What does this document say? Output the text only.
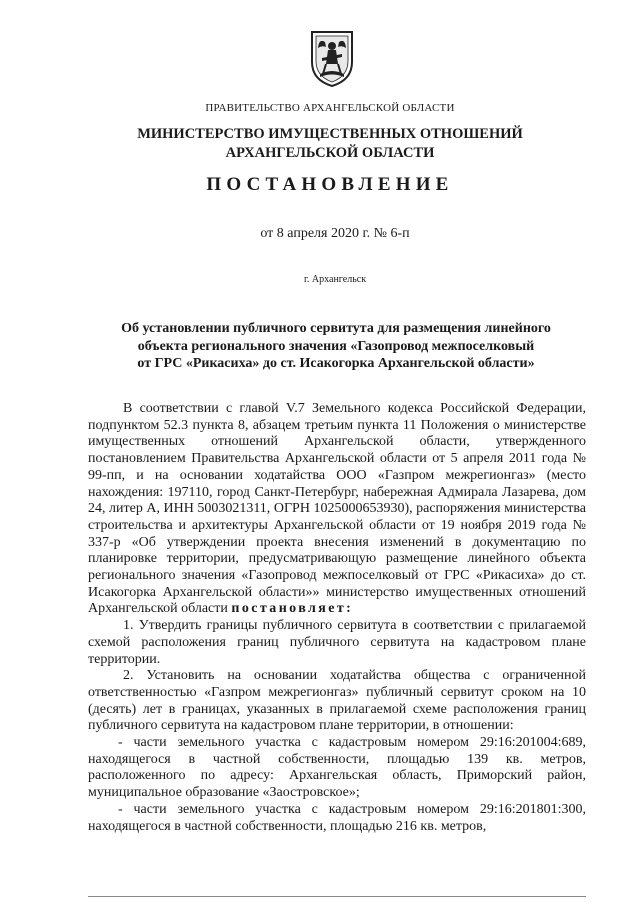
ПРАВИТЕЛЬСТВО АРХАНГЕЛЬСКОЙ ОБЛАСТИ
МИНИСТЕРСТВО ИМУЩЕСТВЕННЫХ ОТНОШЕНИЙ
АРХАНГЕЛЬСКОЙ ОБЛАСТИ
ПОСТАНОВЛЕНИЕ
от 8 апреля 2020 г. № 6-п
г. Архангельск
Об установлении публичного сервитута для размещения линейного
объекта регионального значения «Газопровод межпоселковый
от ГРС «Рикасиха» до ст. Исакогорка Архангельской области»

В соответствии с главой V.7 Земельного кодекса Российской Федерации, подпунктом 52.3 пункта 8, абзацем третьим пункта 11 Положения о министерстве имущественных отношений Архангельской области, утвержденного постановлением Правительства Архангельской области от 5 апреля 2011 года № 99-пп, и на основании ходатайства ООО «Газпром межрегионгаз» (место нахождения: 197110, город Санкт-Петербург, набережная Адмирала Лазарева, дом 24, литер А, ИНН 5003021311, ОГРН 1025000653930), распоряжения министерства строительства и архитектуры Архангельской области от 19 ноября 2019 года № 337-р «Об утверждении проекта внесения изменений в документацию по планировке территории, предусматривающую размещение линейного объекта регионального значения «Газопровод межпоселковый от ГРС «Рикасиха» до ст. Исакогорка Архангельской области»» министерство имущественных отношений Архангельской области постановляет:

1. Утвердить границы публичного сервитута в соответствии с прилагаемой схемой расположения границ публичного сервитута на кадастровом плане территории.

2. Установить на основании ходатайства общества с ограниченной ответственностью «Газпром межрегионгаз» публичный сервитут сроком на 10 (десять) лет в границах, указанных в прилагаемой схеме расположения границ публичного сервитута на кадастровом плане территории, в отношении:

- части земельного участка с кадастровым номером 29:16:201004:689, находящегося в частной собственности, площадью 139 кв. метров, расположенного по адресу: Архангельская область, Приморский район, муниципальное образование «Заостровское»;

- части земельного участка с кадастровым номером 29:16:201801:300, находящегося в частной собственности, площадью 216 кв. метров,
